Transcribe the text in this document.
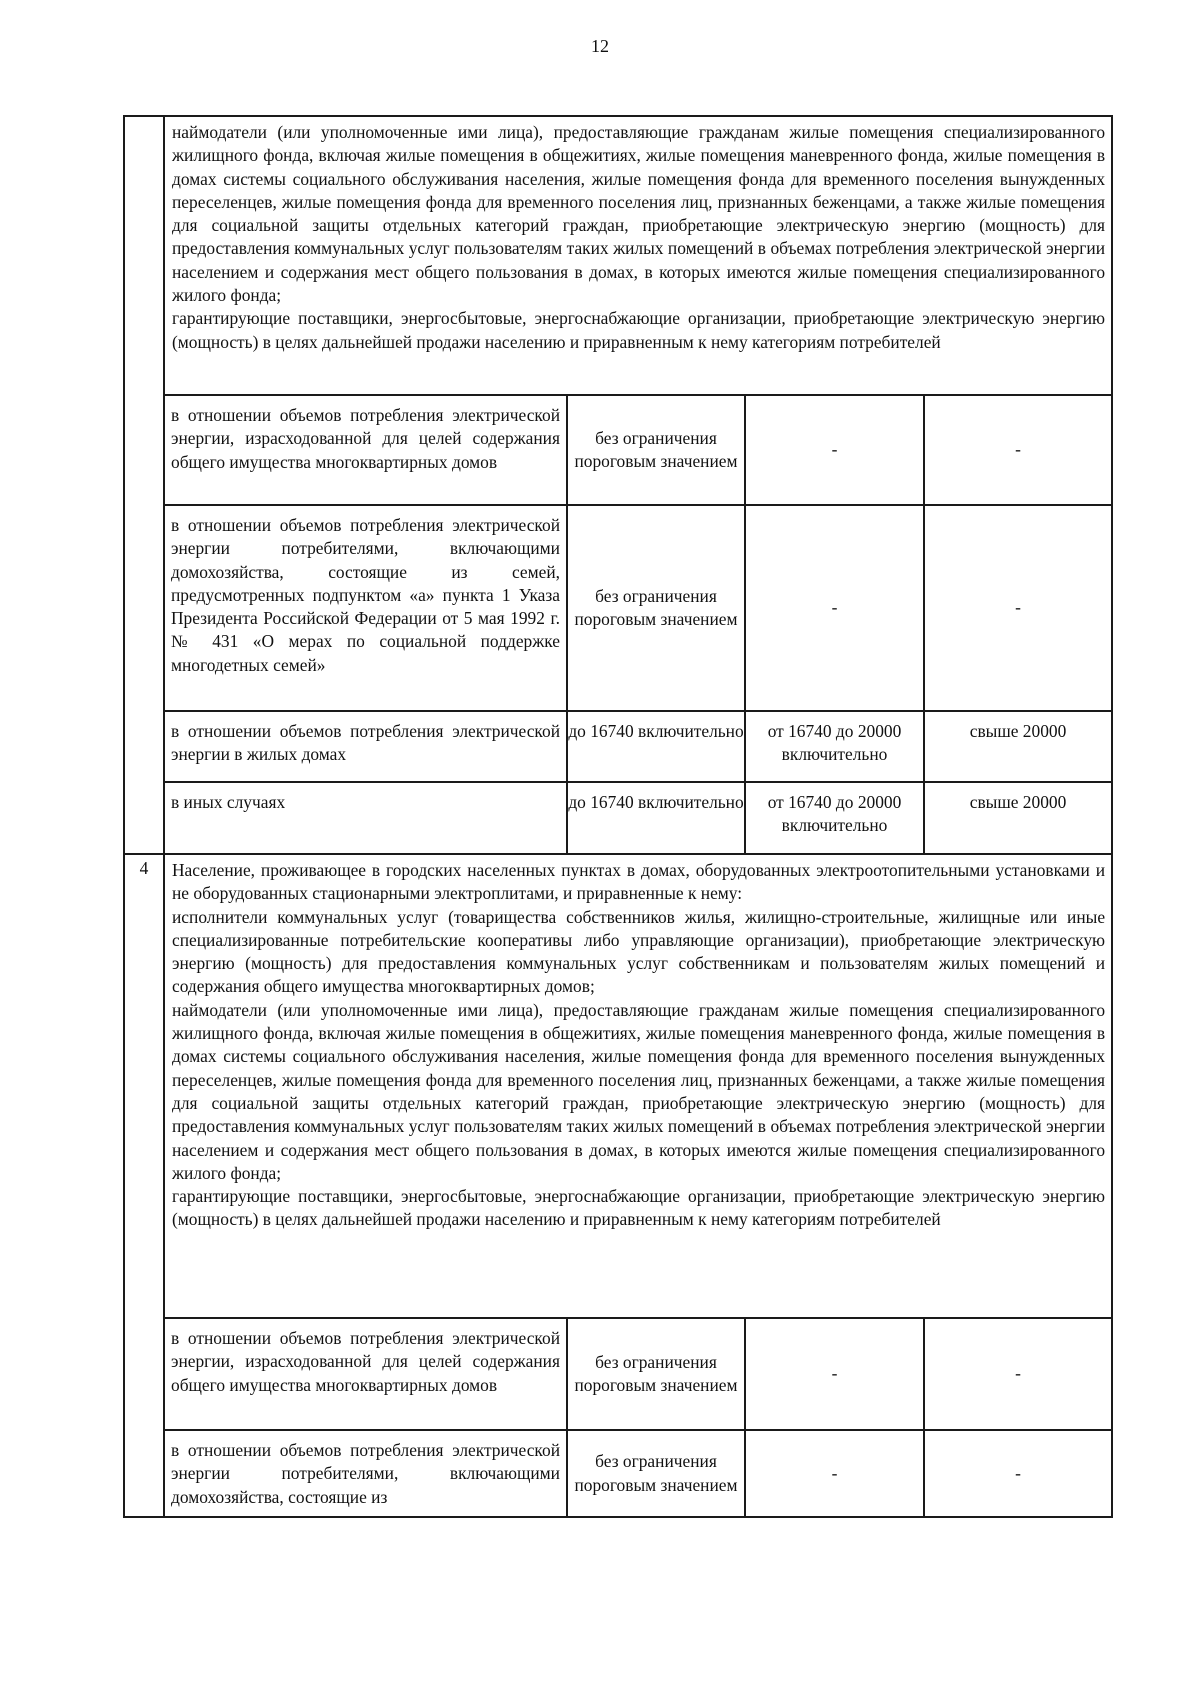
12

	наймодатели (или уполномоченные ими лица), предоставляющие гражданам жилые помещения специализированного жилищного фонда, включая жилые помещения в общежитиях, жилые помещения маневренного фонда, жилые помещения в домах системы социального обслуживания населения, жилые помещения фонда для временного поселения вынужденных переселенцев, жилые помещения фонда для временного поселения лиц, признанных беженцами, а также жилые помещения для социальной защиты отдельных категорий граждан, приобретающие электрическую энергию (мощность) для предоставления коммунальных услуг пользователям таких жилых помещений в объемах потребления электрической энергии населением и содержания мест общего пользования в домах, в которых имеются жилые помещения специализированного жилого фонда;

гарантирующие поставщики, энергосбытовые, энергоснабжающие организации, приобретающие электрическую энергию (мощность) в целях дальнейшей продажи населению и приравненным к нему категориям потребителей			

	в отношении объемов потребления электрической энергии, израсходованной для целей содержания общего имущества многоквартирных домов	без ограничения пороговым значением	-	-

	в отношении объемов потребления электрической энергии потребителями, включающими домохозяйства, состоящие из семей, предусмотренных подпунктом «а» пункта 1 Указа Президента Российской Федерации от 5 мая 1992 г. № 431 «О мерах по социальной поддержке многодетных семей»	без ограничения пороговым значением	-	-

	в отношении объемов потребления электрической энергии в жилых домах	до 16740 включительно	от 16740 до 20000 включительно	свыше 20000

	в иных случаях	до 16740 включительно	от 16740 до 20000 включительно	свыше 20000

4	Население, проживающее в городских населенных пунктах в домах, оборудованных электроотопительными установками и не оборудованных стационарными электроплитами, и приравненные к нему:

исполнители коммунальных услуг (товарищества собственников жилья, жилищно-строительные, жилищные или иные специализированные потребительские кооперативы либо управляющие организации), приобретающие электрическую энергию (мощность) для предоставления коммунальных услуг собственникам и пользователям жилых помещений и содержания общего имущества многоквартирных домов;

наймодатели (или уполномоченные ими лица), предоставляющие гражданам жилые помещения специализированного жилищного фонда, включая жилые помещения в общежитиях, жилые помещения маневренного фонда, жилые помещения в домах системы социального обслуживания населения, жилые помещения фонда для временного поселения вынужденных переселенцев, жилые помещения фонда для временного поселения лиц, признанных беженцами, а также жилые помещения для социальной защиты отдельных категорий граждан, приобретающие электрическую энергию (мощность) для предоставления коммунальных услуг пользователям таких жилых помещений в объемах потребления электрической энергии населением и содержания мест общего пользования в домах, в которых имеются жилые помещения специализированного жилого фонда;

гарантирующие поставщики, энергосбытовые, энергоснабжающие организации, приобретающие электрическую энергию (мощность) в целях дальнейшей продажи населению и приравненным к нему категориям потребителей			

	в отношении объемов потребления электрической энергии, израсходованной для целей содержания общего имущества многоквартирных домов	без ограничения пороговым значением	-	-

	в отношении объемов потребления электрической энергии потребителями, включающими домохозяйства, состоящие из	без ограничения пороговым значением	-	-
